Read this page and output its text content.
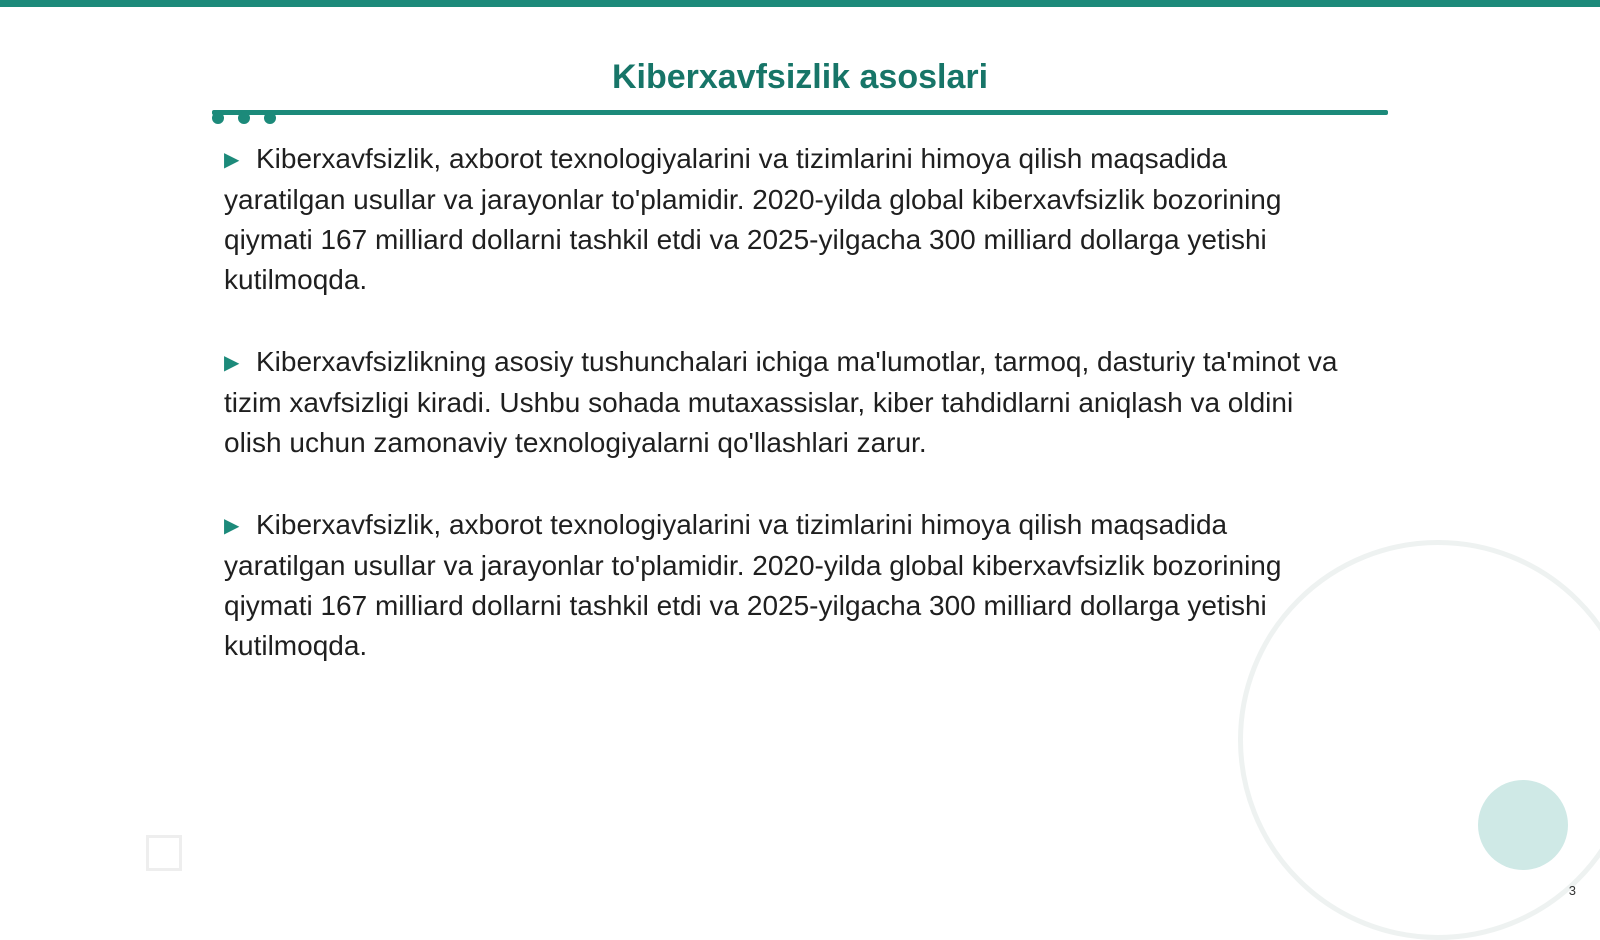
Kiberxavfsizlik asoslari
▶ Kiberxavfsizlik, axborot texnologiyalarini va tizimlarini himoya qilish maqsadida yaratilgan usullar va jarayonlar to'plamidir. 2020-yilda global kiberxavfsizlik bozorining qiymati 167 milliard dollarni tashkil etdi va 2025-yilgacha 300 milliard dollarga yetishi kutilmoqda.
▶ Kiberxavfsizlikning asosiy tushunchalari ichiga ma'lumotlar, tarmoq, dasturiy ta'minot va tizim xavfsizligi kiradi. Ushbu sohada mutaxassislar, kiber tahdidlarni aniqlash va oldini olish uchun zamonaviy texnologiyalarni qo'llashlari zarur.
▶ Kiberxavfsizlik, axborot texnologiyalarini va tizimlarini himoya qilish maqsadida yaratilgan usullar va jarayonlar to'plamidir. 2020-yilda global kiberxavfsizlik bozorining qiymati 167 milliard dollarni tashkil etdi va 2025-yilgacha 300 milliard dollarga yetishi kutilmoqda.
3
